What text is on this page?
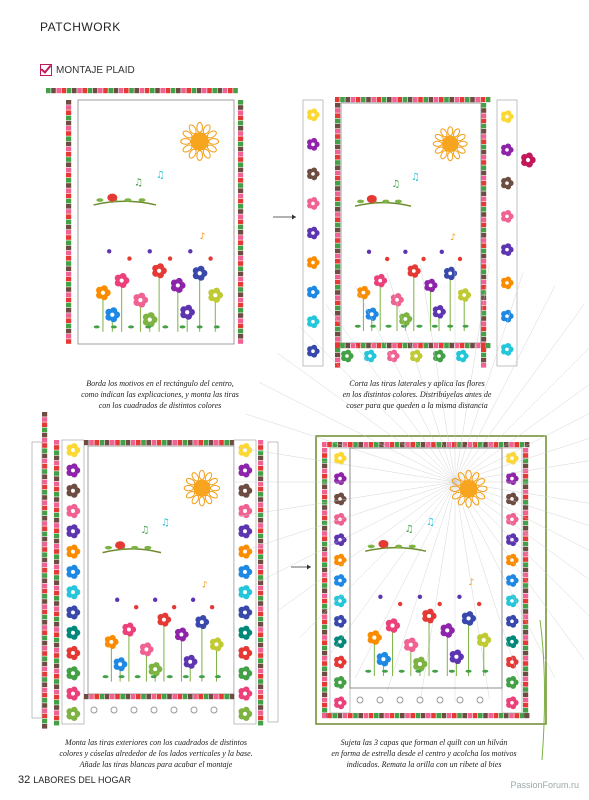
PATCHWORK
MONTAJE PLAID
♫
♫
♪
♫
♫
♪
♫
♫
♪
♫
♫
♪
Borda los motivos en el rectángulo del centro,
como indican las explicaciones, y monta las tiras
con los cuadrados de distintos colores
Corta las tiras laterales y aplica las flores
en los distintos colores. Distribúyelas antes de
coser para que queden a la misma distancia
Monta las tiras exteriores con los cuadrados de distintos
colores y cóselas alrededor de los lados verticales y la base.
Añade las tiras blancas para acabar el montaje
Sujeta las 3 capas que forman el quilt con un hilván
en forma de estrella desde el centro y acolcha los motivos
indicados. Remata la orilla con un ribete al bies
32 LABORES DEL HOGAR	PassionForum.ru
